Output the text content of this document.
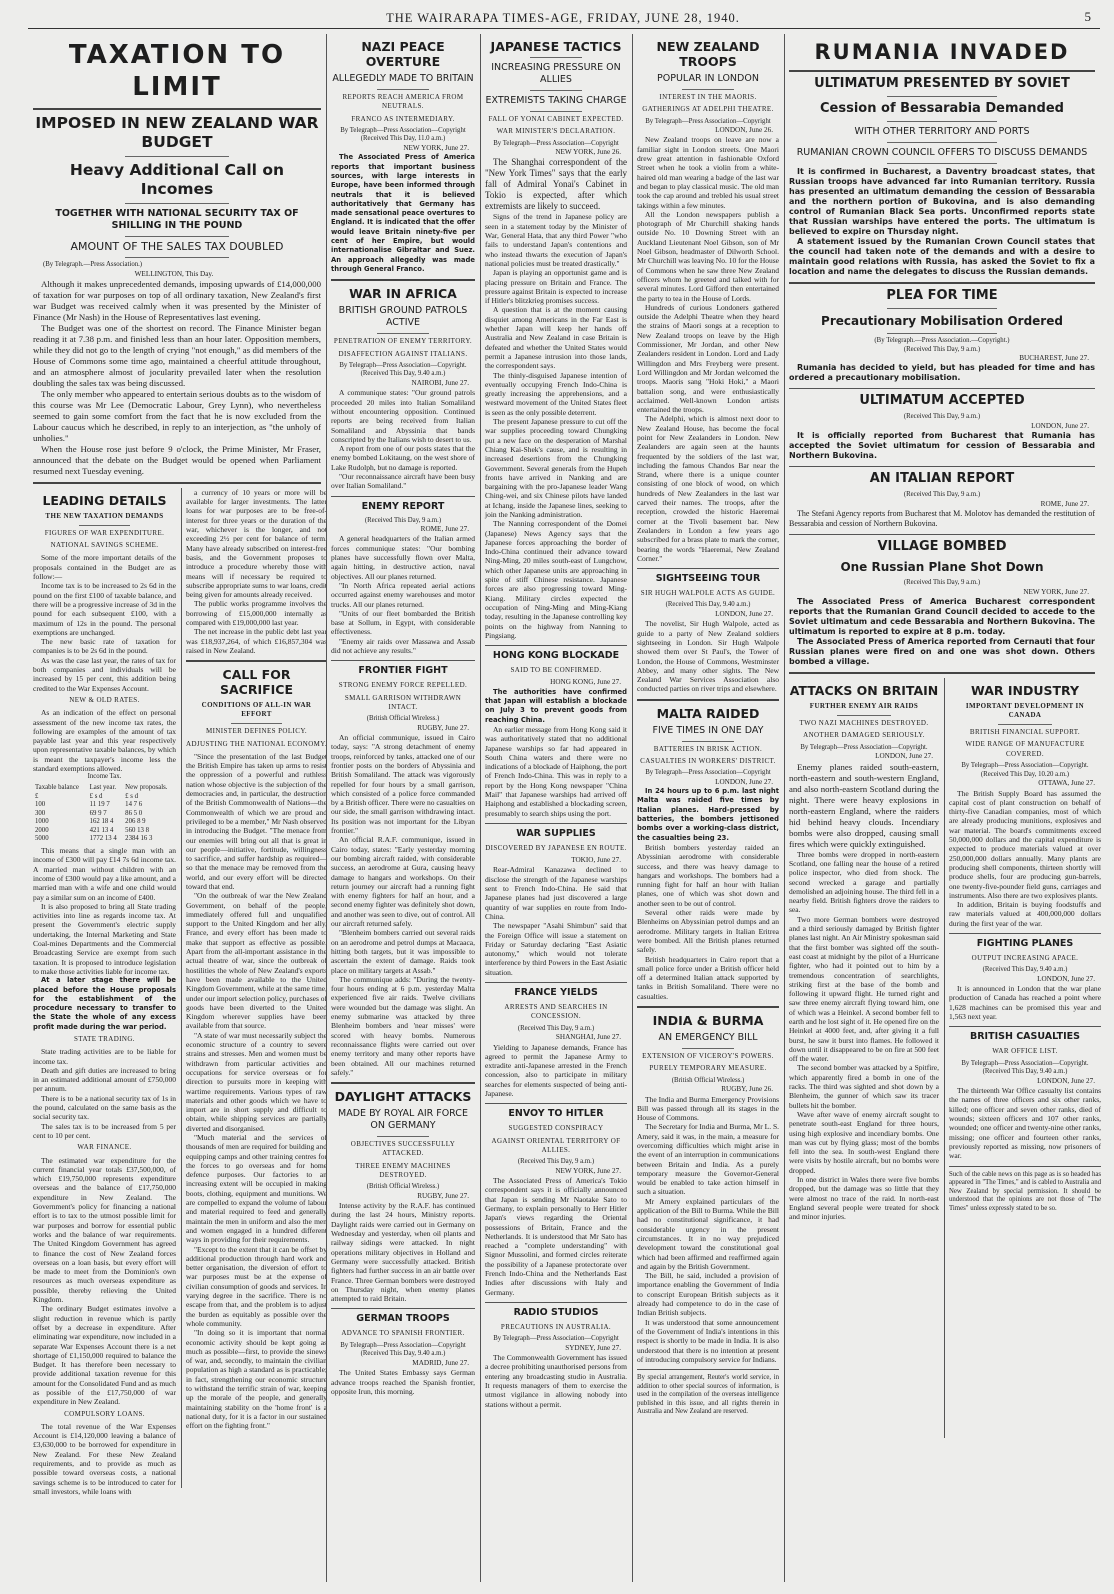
THE WAIRARAPA TIMES-AGE, FRIDAY, JUNE 28, 1940.	5
TAXATION TO LIMIT
IMPOSED IN NEW ZEALAND WAR BUDGET
Heavy Additional Call on Incomes
TOGETHER WITH NATIONAL SECURITY TAX OF SHILLING IN THE POUND
AMOUNT OF THE SALES TAX DOUBLED
(By Telegraph.—Press Association.)
WELLINGTON, This Day.

Although it makes unprecedented demands, imposing upwards of £14,000,000 of taxation for war purposes on top of all ordinary taxation, New Zealand's first war Budget was received calmly when it was presented by the Minister of Finance (Mr Nash) in the House of Representatives last evening.

The Budget was one of the shortest on record. The Finance Minister began reading it at 7.38 p.m. and finished less than an hour later. Opposition members, while they did not go to the length of crying "not enough," as did members of the House of Commons some time ago, maintained a cheerful attitude throughout, and an atmosphere almost of jocularity prevailed later when the resolution doubling the sales tax was being discussed.

The only member who appeared to entertain serious doubts as to the wisdom of this course was Mr Lee (Democratic Labour, Grey Lynn), who nevertheless seemed to gain some comfort from the fact that he is now excluded from the Labour caucus which he described, in reply to an interjection, as "the unholy of unholies."

When the House rose just before 9 o'clock, the Prime Minister, Mr Fraser, announced that the debate on the Budget would be opened when Parliament resumed next Tuesday evening.

LEADING DETAILS
THE NEW TAXATION DEMANDS
FIGURES OF WAR EXPENDITURE.
NATIONAL SAVINGS SCHEME.

Some of the more important details of the proposals contained in the Budget are as follow:—

Income tax is to be increased to 2s 6d in the pound on the first £100 of taxable balance, and there will be a progressive increase of 3d in the pound for each subsequent £100, with a maximum of 12s in the pound. The personal exemptions are unchanged.

The new basic rate of taxation for companies is to be 2s 6d in the pound.

As was the case last year, the rates of tax for both companies and individuals will be increased by 15 per cent, this addition being credited to the War Expenses Account.

NEW & OLD RATES.

As an indication of the effect on personal assessment of the new income tax rates, the following are examples of the amount of tax payable last year and this year respectively upon representative taxable balances, by which is meant the taxpayer's income less the standard exemptions allowed.

Income Tax.
Taxable balance	Last year.	New proposals.
£	£ s d	£ s d
100	11 19 7	14 7 6
300	69 9 7	86 5 0
1000	162 18 4	206 8 9
2000	421 13 4	560 13 8
5000	1772 13 4	2384 16 3

This means that a single man with an income of £300 will pay £14 7s 6d income tax. A married man without children with an income of £300 would pay a like amount, and a married man with a wife and one child would pay a similar sum on an income of £400.

It is also proposed to bring all State trading activities into line as regards income tax. At present the Government's electric supply undertaking, the Internal Marketing and State Coal-mines Departments and the Commercial Broadcasting Service are exempt from such taxation. It is proposed to introduce legislation to make those activities liable for income tax.

At a later stage there will be placed before the House proposals for the establishment of the procedure necessary to transfer to the State the whole of any excess profit made during the war period.

STATE TRADING.

State trading activities are to be liable for income tax.

Death and gift duties are increased to bring in an estimated additional amount of £750,000 per annum.

There is to be a national security tax of 1s in the pound, calculated on the same basis as the social security tax.

The sales tax is to be increased from 5 per cent to 10 per cent.

WAR FINANCE.

The estimated war expenditure for the current financial year totals £37,500,000, of which £19,750,000 represents expenditure overseas and the balance of £17,750,000 expenditure in New Zealand. The Government's policy for financing a national effort is to tax to the utmost possible limit for war purposes and borrow for essential public works and the balance of war requirements. The United Kingdom Government has agreed to finance the cost of New Zealand forces overseas on a loan basis, but every effort will be made to meet from the Dominion's own resources as much overseas expenditure as possible, thereby relieving the United Kingdom.

The ordinary Budget estimates involve a slight reduction in revenue which is partly offset by a decrease in expenditure. After eliminating war expenditure, now included in a separate War Expenses Account there is a net shortage of £1,150,000 required to balance the Budget. It has therefore been necessary to provide additional taxation revenue for this amount for the Consolidated Fund and as much as possible of the £17,750,000 of war expenditure in New Zealand.

COMPULSORY LOANS.

The total revenue of the War Expenses Account is £14,120,000 leaving a balance of £3,630,000 to be borrowed for expenditure in New Zealand. For these New Zealand requirements, and to provide as much as possible toward overseas costs, a national savings scheme is to be introduced to cater for small investors, while loans with

a currency of 10 years or more will be available for larger investments. The latter loans for war purposes are to be free-of-interest for three years or the duration of the war, whichever is the longer, and not exceeding 2½ per cent for balance of term. Many have already subscribed on interest-free basis, and the Government proposes to introduce a procedure whereby those with means will if necessary be required to subscribe appropriate sums to war loans, credit being given for amounts already received.

The public works programme involves the borrowing of £15,000,000 internally as compared with £19,000,000 last year.

The net increase in the public debt last year was £18,937,264, of which £16,857,304 was raised in New Zealand.

CALL FOR SACRIFICE
CONDITIONS OF ALL-IN WAR EFFORT
MINISTER DEFINES POLICY.
ADJUSTING THE NATIONAL ECONOMY.

"Since the presentation of the last Budget the British Empire has taken up arms to resist the oppression of a powerful and ruthless nation whose objective is the subjection of the democracies and, in particular, the destruction of the British Commonwealth of Nations—the Commonwealth of which we are proud and privileged to be a member," Mr Nash observed in introducing the Budget. "The menace from our enemies will bring out all that is great in our people—initiative, fortitude, willingness to sacrifice, and suffer hardship as required—so that the menace may be removed from the world, and our every effort will be directed toward that end.

"On the outbreak of war the New Zealand Government, on behalf of the people, immediately offered full and unqualified support to the United Kingdom and her ally, France, and every effort has been made to make that support as effective as possible. Apart from the all-important assistance in the actual theatre of war, since the outbreak of hostilities the whole of New Zealand's exports have been made available to the United Kingdom Government, while at the same time, under our import selection policy, purchases of goods have been diverted to the United Kingdom wherever supplies have been available from that source.

"A state of war must necessarily subject the economic structure of a country to severe strains and stresses. Men and women must be withdrawn from particular activities and occupations for service overseas or for direction to pursuits more in keeping with wartime requirements. Various types of raw materials and other goods which we have to import are in short supply and difficult to obtain, while shipping services are partially diverted and disorganised.

"Much material and the services of thousands of men are required for building and equipping camps and other training centres for the forces to go overseas and for home defence purposes. Our factories to an increasing extent will be occupied in making boots, clothing, equipment and munitions. We are compelled to expand the volume of labour and material required to feed and generally maintain the men in uniform and also the men and women engaged in a hundred different ways in providing for their requirements.

"Except to the extent that it can be offset by additional production through hard work and better organisation, the diversion of effort to war purposes must be at the expense of civilian consumption of goods and services. In varying degree in the sacrifice. There is no escape from that, and the problem is to adjust the burden as equitably as possible over the whole community.

"In doing so it is important that normal economic activity should be kept going as much as possible—first, to provide the sinews of war, and, secondly, to maintain the civilian population as high a standard as is practicable; in fact, strengthening our economic structure to withstand the terrific strain of war, keeping up the morale of the people, and generally maintaining stability on the 'home front' is a national duty, for it is a factor in our sustained effort on the fighting front."

NAZI PEACE OVERTURE
ALLEGEDLY MADE TO BRITAIN
REPORTS REACH AMERICA FROM NEUTRALS.
FRANCO AS INTERMEDIARY.
By Telegraph—Press Association—Copyright (Received This Day, 11.0 a.m.)
NEW YORK, June 27.

The Associated Press of America reports that important business sources, with large interests in Europe, have been informed through neutrals that it is believed authoritatively that Germany has made sensational peace overtures to England. It is indicated that the offer would leave Britain ninety-five per cent of her Empire, but would internationalise Gibraltar and Suez. An approach allegedly was made through General Franco.

WAR IN AFRICA
BRITISH GROUND PATROLS ACTIVE
PENETRATION OF ENEMY TERRITORY.
DISAFFECTION AGAINST ITALIANS.
By Telegraph—Press Association—Copyright. (Received This Day, 9.40 a.m.)
NAIROBI, June 27.

A communique states: "Our ground patrols proceeded 20 miles into Italian Somaliland without encountering opposition. Continued reports are being received from Italian Somaliland and Abyssinia that bands conscripted by the Italians wish to desert to us.

A report from one of our posts states that the enemy bombed Lokitaung, on the west shore of Lake Rudolph, but no damage is reported.

"Our reconnaissance aircraft have been busy over Italian Somaliland."

ENEMY REPORT
(Received This Day, 9 a.m.)
ROME, June 27.

A general headquarters of the Italian armed forces communique states: "Our bombing planes have successfully flown over Malta, again hitting, in destructive action, naval objectives. All our planes returned.

"In North Africa repeated aerial actions occurred against enemy warehouses and motor trucks. All our planes returned.

"Units of our fleet bombarded the British base at Sollum, in Egypt, with considerable effectiveness.

"Enemy air raids over Massawa and Assab did not achieve any results."

FRONTIER FIGHT
STRONG ENEMY FORCE REPELLED.
SMALL GARRISON WITHDRAWN INTACT.
(British Official Wireless.)
RUGBY, June 27.

An official communique, issued in Cairo today, says: "A strong detachment of enemy troops, reinforced by tanks, attacked one of our frontier posts on the borders of Abyssinia and British Somaliland. The attack was vigorously repelled for four hours by a small garrison, which consisted of a police force commanded by a British officer. There were no casualties on our side, the small garrison withdrawing intact. Its position was not important for the Libyan frontier."

An official R.A.F. communique, issued in Cairo today, states: "Early yesterday morning our bombing aircraft raided, with considerable success, an aerodrome at Gura, causing heavy damage to hangars and workshops. On their return journey our aircraft had a running fight with enemy fighters for half an hour, and a second enemy fighter was definitely shot down, and another was seen to dive, out of control. All our aircraft returned safely.

"Blenheim bombers carried out several raids on an aerodrome and petrol dumps at Macaaca, hitting both targets, but it was impossible to ascertain the extent of damage. Raids took place on military targets at Assab."

The communique adds: "During the twenty-four hours ending at 6 p.m. yesterday Malta experienced five air raids. Twelve civilians were wounded but the damage was slight. An enemy submarine was attacked by three Blenheim bombers and 'near misses' were scored with heavy bombs. Numerous reconnaissance flights were carried out over enemy territory and many other reports have been obtained. All our machines returned safely."

DAYLIGHT ATTACKS
MADE BY ROYAL AIR FORCE ON GERMANY
OBJECTIVES SUCCESSFULLY ATTACKED.
THREE ENEMY MACHINES DESTROYED.
(British Official Wireless.)
RUGBY, June 27.

Intense activity by the R.A.F. has continued during the last 24 hours, Ministry reports. Daylight raids were carried out in Germany on Wednesday and yesterday, when oil plants and railway sidings were attacked. In night operations military objectives in Holland and Germany were successfully attacked. British fighters had further success in an air battle over France. Three German bombers were destroyed on Thursday night, when enemy planes attempted to raid Britain.

GERMAN TROOPS
ADVANCE TO SPANISH FRONTIER.
By Telegraph—Press Association—Copyright (Received This Day, 9.40 a.m.)
MADRID, June 27.

The United States Embassy says German advance troops reached the Spanish frontier, opposite Irun, this morning.

JAPANESE TACTICS
INCREASING PRESSURE ON ALLIES
EXTREMISTS TAKING CHARGE
FALL OF YONAI CABINET EXPECTED.
WAR MINISTER'S DECLARATION.
By Telegraph—Press Association—Copyright
NEW YORK, June 26.

The Shanghai correspondent of the "New York Times" says that the early fall of Admiral Yonai's Cabinet in Tokio is expected, after which extremists are likely to succeed.

Signs of the trend in Japanese policy are seen in a statement today by the Minister of War, General Hata, that any third Power "who fails to understand Japan's contentions and who instead thwarts the execution of Japan's national policies must be treated drastically."

Japan is playing an opportunist game and is placing pressure on Britain and France. The pressure against Britain is expected to increase if Hitler's blitzkrieg promises success.

A question that is at the moment causing disquiet among Americans in the Far East is whether Japan will keep her hands off Australia and New Zealand in case Britain is defeated and whether the United States would permit a Japanese intrusion into those lands, the correspondent says.

The thinly-disguised Japanese intention of eventually occupying French Indo-China is greatly increasing the apprehensions, and a westward movement of the United States fleet is seen as the only possible deterrent.

The present Japanese pressure to cut off the war supplies proceeding toward Chungking put a new face on the desperation of Marshal Chiang Kai-Shek's cause, and is resulting in increased desertions from the Chungking Government. Several generals from the Hupeh fronts have arrived in Nanking and are bargaining with the pro-Japanese leader Wang Ching-wei, and six Chinese pilots have landed at Ichang, inside the Japanese lines, seeking to join the Nanking administration.

The Nanning correspondent of the Domei (Japanese) News Agency says that the Japanese forces approaching the border of Indo-China continued their advance toward Ning-Ming, 20 miles south-east of Lungchow, which other Japanese units are approaching in spite of stiff Chinese resistance. Japanese forces are also progressing toward Ming-Kiang. Military circles expected the occupation of Ning-Ming and Ming-Kiang today, resulting in the Japanese controlling key points on the highway from Nanning to Pingsiang.

HONG KONG BLOCKADE
SAID TO BE CONFIRMED.
HONG KONG, June 27.

The authorities have confirmed that Japan will establish a blockade on July 3 to prevent goods from reaching China.

An earlier message from Hong Kong said it was authoritatively stated that no additional Japanese warships so far had appeared in South China waters and there were no indications of a blockade of Haiphong, the port of French Indo-China. This was in reply to a report by the Hong Kong newspaper "China Mail" that Japanese warships had arrived off Haiphong and established a blockading screen, presumably to search ships using the port.

WAR SUPPLIES
DISCOVERED BY JAPANESE EN ROUTE.
TOKIO, June 27.

Rear-Admiral Kanazawa declined to disclose the strength of the Japanese warships sent to French Indo-China. He said that Japanese planes had just discovered a large quantity of war supplies en route from Indo-China.

The newspaper "Asahi Shimbun" said that the Foreign Office will issue a statement on Friday or Saturday declaring "East Asiatic autonomy," which would not tolerate interference by third Powers in the East Asiatic situation.

FRANCE YIELDS
ARRESTS AND SEARCHES IN CONCESSION.
(Received This Day, 9 a.m.)
SHANGHAI, June 27.

Yielding to Japanese demands, France has agreed to permit the Japanese Army to extradite anti-Japanese arrested in the French concession, also to participate in military searches for elements suspected of being anti-Japanese.

ENVOY TO HITLER
SUGGESTED CONSPIRACY
AGAINST ORIENTAL TERRITORY OF ALLIES.
(Received This Day, 9 a.m.)
NEW YORK, June 27.

The Associated Press of America's Tokio correspondent says it is officially announced that Japan is sending Mr Naotake Sato to Germany, to explain personally to Herr Hitler Japan's views regarding the Oriental possessions of Britain, France and the Netherlands. It is understood that Mr Sato has reached a "complete understanding" with Signor Mussolini, and formed circles reiterate the possibility of a Japanese protectorate over French Indo-China and the Netherlands East Indies after discussions with Italy and Germany.

RADIO STUDIOS
PRECAUTIONS IN AUSTRALIA.
By Telegraph—Press Association—Copyright
SYDNEY, June 27.

The Commonwealth Government has issued a decree prohibiting unauthorised persons from entering any broadcasting studio in Australia. It requests managers of them to exercise the utmost vigilance in allowing nobody into stations without a permit.

NEW ZEALAND TROOPS
POPULAR IN LONDON
INTEREST IN THE MAORIS.
GATHERINGS AT ADELPHI THEATRE.
By Telegraph—Press Association—Copyright
LONDON, June 26.

New Zealand troops on leave are now a familiar sight in London streets. One Maori drew great attention in fashionable Oxford Street when he took a violin from a white-haired old man wearing a badge of the last war and began to play classical music. The old man took the cap around and trebled his usual street takings within a few minutes.

All the London newspapers publish a photograph of Mr Churchill shaking hands outside No. 10 Downing Street with an Auckland Lieutenant Noel Gibson, son of Mr Noel Gibson, headmaster of Dilworth School. Mr Churchill was leaving No. 10 for the House of Commons when he saw three New Zealand officers whom he greeted and talked with for several minutes. Lord Gifford then entertained the party to tea in the House of Lords.

Hundreds of curious Londoners gathered outside the Adelphi Theatre when they heard the strains of Maori songs at a reception to New Zealand troops on leave by the High Commissioner, Mr Jordan, and other New Zealanders resident in London. Lord and Lady Willingdon and Mrs Freyberg were present. Lord Willingdon and Mr Jordan welcomed the troops. Maoris sang "Hoki Hoki," a Maori battalion song, and were enthusiastically acclaimed. Well-known London artists entertained the troops.

The Adelphi, which is almost next door to New Zealand House, has become the focal point for New Zealanders in London. New Zealanders are again seen at the haunts frequented by the soldiers of the last war, including the famous Chandos Bar near the Strand, where there is a unique counter consisting of one block of wood, on which hundreds of New Zealanders in the last war carved their names. The troops, after the reception, crowded the historic Haeremai corner at the Tivoli basement bar. New Zealanders in London a few years ago subscribed for a brass plate to mark the corner, bearing the words "Haeremai, New Zealand Corner."

SIGHTSEEING TOUR
SIR HUGH WALPOLE ACTS AS GUIDE.
(Received This Day, 9.40 a.m.)
LONDON, June 27.

The novelist, Sir Hugh Walpole, acted as guide to a party of New Zealand soldiers sightseeing in London. Sir Hugh Walpole showed them over St Paul's, the Tower of London, the House of Commons, Westminster Abbey, and many other sights. The New Zealand War Services Association also conducted parties on river trips and elsewhere.

MALTA RAIDED
FIVE TIMES IN ONE DAY
BATTERIES IN BRISK ACTION.
CASUALTIES IN WORKERS' DISTRICT.
By Telegraph—Press Association—Copyright
LONDON, June 27.

In 24 hours up to 6 p.m. last night Malta was raided five times by Italian planes. Hard-pressed by batteries, the bombers jettisoned bombs over a working-class district, the casualties being 23.

British bombers yesterday raided an Abyssinian aerodrome with considerable success, and there was heavy damage to hangars and workshops. The bombers had a running fight for half an hour with Italian planes, one of which was shot down and another seen to be out of control.

Several other raids were made by Blenheims on Abyssinian petrol dumps and an aerodrome. Military targets in Italian Eritrea were bombed. All the British planes returned safely.

British headquarters in Cairo report that a small police force under a British officer held off a determined Italian attack supported by tanks in British Somaliland. There were no casualties.

INDIA & BURMA
AN EMERGENCY BILL
EXTENSION OF VICEROY'S POWERS.
PURELY TEMPORARY MEASURE.
(British Official Wireless.)
RUGBY, June 26.

The India and Burma Emergency Provisions Bill was passed through all its stages in the House of Commons.

The Secretary for India and Burma, Mr L. S. Amery, said it was, in the main, a measure for overcoming difficulties which might arise in the event of an interruption in communications between Britain and India. As a purely temporary measure the Governor-General would be enabled to take action himself in such a situation.

Mr Amery explained particulars of the application of the Bill to Burma. While the Bill had no constitutional significance, it had considerable urgency in the present circumstances. It in no way prejudiced development toward the constitutional goal which had been affirmed and reaffirmed again and again by the British Government.

The Bill, he said, included a provision of importance enabling the Government of India to conscript European British subjects as it already had competence to do in the case of Indian British subjects.

It was understood that some announcement of the Government of India's intentions in this respect is shortly to be made in India. It is also understood that there is no intention at present of introducing compulsory service for Indians.

By special arrangement, Reuter's world service, in addition to other special sources of information, is used in the compilation of the overseas intelligence published in this issue, and all rights therein in Australia and New Zealand are reserved.
RUMANIA INVADED
ULTIMATUM PRESENTED BY SOVIET
Cession of Bessarabia Demanded
WITH OTHER TERRITORY AND PORTS
RUMANIAN CROWN COUNCIL OFFERS TO DISCUSS DEMANDS

It is confirmed in Bucharest, a Daventry broadcast states, that Russian troops have advanced far into Rumanian territory. Russia has presented an ultimatum demanding the cession of Bessarabia and the northern portion of Bukovina, and is also demanding control of Rumanian Black Sea ports. Unconfirmed reports state that Russian warships have entered the ports. The ultimatum is believed to expire on Thursday night.

A statement issued by the Rumanian Crown Council states that the council had taken note of the demands and with a desire to maintain good relations with Russia, has asked the Soviet to fix a location and name the delegates to discuss the Russian demands.

PLEA FOR TIME
Precautionary Mobilisation Ordered
(By Telegraph.—Press Association.—Copyright.)
(Received This Day, 9 a.m.)
BUCHAREST, June 27.

Rumania has decided to yield, but has pleaded for time and has ordered a precautionary mobilisation.

ULTIMATUM ACCEPTED
(Received This Day, 9 a.m.)
LONDON, June 27.

It is officially reported from Bucharest that Rumania has accepted the Soviet ultimatum for cession of Bessarabia and Northern Bukovina.

AN ITALIAN REPORT
(Received This Day, 9 a.m.)
ROME, June 27.

The Stefani Agency reports from Bucharest that M. Molotov has demanded the restitution of Bessarabia and cession of Northern Bukovina.

VILLAGE BOMBED
One Russian Plane Shot Down
(Received This Day, 9 a.m.)
NEW YORK, June 27.

The Associated Press of America Bucharest correspondent reports that the Rumanian Grand Council decided to accede to the Soviet ultimatum and cede Bessarabia and Northern Bukovina. The ultimatum is reported to expire at 8 p.m. today.

The Associated Press of America reported from Cernauti that four Russian planes were fired on and one was shot down. Others bombed a village.

ATTACKS ON BRITAIN
FURTHER ENEMY AIR RAIDS
TWO NAZI MACHINES DESTROYED.
ANOTHER DAMAGED SERIOUSLY.
By Telegraph—Press Association—Copyright.
LONDON, June 27.

Enemy planes raided south-eastern, north-eastern and south-western England, and also north-eastern Scotland during the night. There were heavy explosions in north-eastern England, where the raiders hid behind heavy clouds. Incendiary bombs were also dropped, causing small fires which were quickly extinguished.

Three bombs were dropped in north-eastern Scotland, one falling near the house of a retired police inspector, who died from shock. The second wrecked a garage and partially demolished an adjoining house. The third fell in a nearby field. British fighters drove the raiders to sea.

Two more German bombers were destroyed and a third seriously damaged by British fighter planes last night. An Air Ministry spokesman said that the first bomber was sighted off the south-east coast at midnight by the pilot of a Hurricane fighter, who had it pointed out to him by a tremendous concentration of searchlights, striking first at the base of the bomb and following it upward flight. He turned right and saw three enemy aircraft flying toward him, one of which was a Heinkel. A second bomber fell to earth and he lost sight of it. He opened fire on the Heinkel at 4000 feet, and, after giving it a full burst, he saw it burst into flames. He followed it down until it disappeared to be on fire at 500 feet off the water.

The second bomber was attacked by a Spitfire, which apparently fired a bomb in one of the racks. The third was sighted and shot down by a Blenheim, the gunner of which saw its tracer bullets hit the bomber.

Wave after wave of enemy aircraft sought to penetrate south-east England for three hours, using high explosive and incendiary bombs. One man was cut by flying glass; most of the bombs fell into the sea. In south-west England there were visits by hostile aircraft, but no bombs were dropped.

In one district in Wales there were five bombs dropped, but the damage was so little that they were almost no trace of the raid. In north-east England several people were treated for shock and minor injuries.

WAR INDUSTRY
IMPORTANT DEVELOPMENT IN CANADA
BRITISH FINANCIAL SUPPORT.
WIDE RANGE OF MANUFACTURE COVERED.
By Telegraph—Press Association—Copyright. (Received This Day, 10.20 a.m.)
OTTAWA, June 27.

The British Supply Board has assumed the capital cost of plant construction on behalf of thirty-five Canadian companies, most of which are already producing munitions, explosives and war material. The board's commitments exceed 50,000,000 dollars and the capital expenditure is expected to produce materials valued at over 250,000,000 dollars annually. Many plants are producing shell components, thirteen shortly will produce shells, four are producing gun-barrels, one twenty-five-pounder field guns, carriages and instruments. Also there are two explosives plants.

In addition, Britain is buying foodstuffs and raw materials valued at 400,000,000 dollars during the first year of the war.

FIGHTING PLANES
OUTPUT INCREASING APACE.
(Received This Day, 9.40 a.m.)
LONDON, June 27.

It is announced in London that the war plane production of Canada has reached a point where 1,628 machines can be promised this year and 1,563 next year.

BRITISH CASUALTIES
WAR OFFICE LIST.
By Telegraph—Press Association—Copyright. (Received This Day, 9.40 a.m.)
LONDON, June 27.

The thirteenth War Office casualty list contains the names of three officers and six other ranks, killed; one officer and seven other ranks, died of wounds; sixteen officers and 107 other ranks, wounded; one officer and twenty-nine other ranks, missing; one officer and fourteen other ranks, previously reported as missing, now prisoners of war.

Such of the cable news on this page as is so headed has appeared in "The Times," and is cabled to Australia and New Zealand by special permission. It should be understood that the opinions are not those of "The Times" unless expressly stated to be so.
